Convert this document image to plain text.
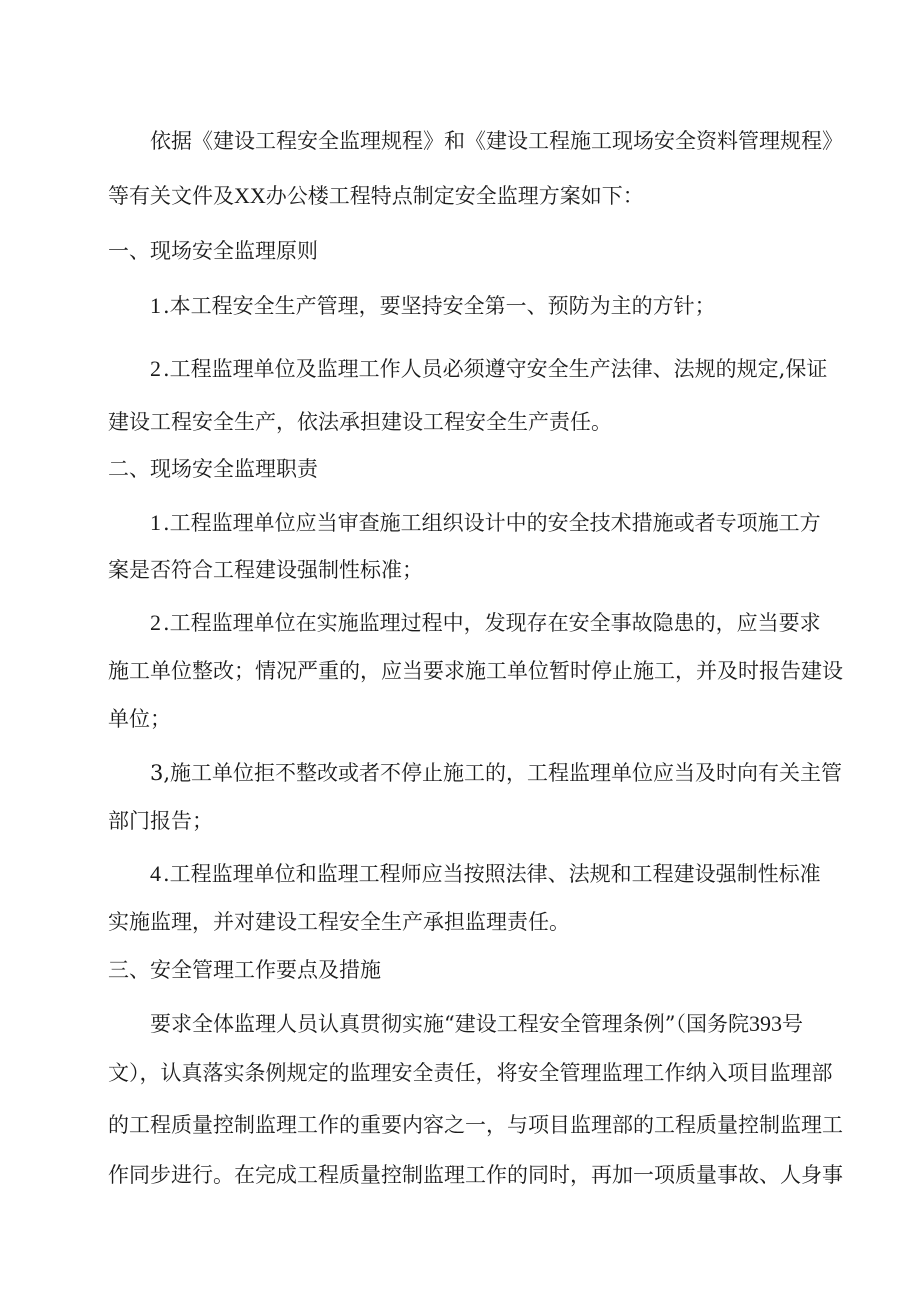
依据《建设工程安全监理规程》和《建设工程施工现场安全资料管理规程》
等有关文件及XX办公楼工程特点制定安全监理方案如下：
一、现场安全监理原则
1.本工程安全生产管理，要坚持安全第一、预防为主的方针；
2.工程监理单位及监理工作人员必须遵守安全生产法律、法规的规定,保证
建设工程安全生产，依法承担建设工程安全生产责任。
二、现场安全监理职责
1.工程监理单位应当审查施工组织设计中的安全技术措施或者专项施工方
案是否符合工程建设强制性标准；
2.工程监理单位在实施监理过程中，发现存在安全事故隐患的，应当要求
施工单位整改；情况严重的，应当要求施工单位暂时停止施工，并及时报告建设
单位；
3,施工单位拒不整改或者不停止施工的，工程监理单位应当及时向有关主管
部门报告；
4.工程监理单位和监理工程师应当按照法律、法规和工程建设强制性标准
实施监理，并对建设工程安全生产承担监理责任。
三、安全管理工作要点及措施
要求全体监理人员认真贯彻实施“建设工程安全管理条例”（国务院393号
文），认真落实条例规定的监理安全责任，将安全管理监理工作纳入项目监理部
的工程质量控制监理工作的重要内容之一，与项目监理部的工程质量控制监理工
作同步进行。在完成工程质量控制监理工作的同时，再加一项质量事故、人身事
